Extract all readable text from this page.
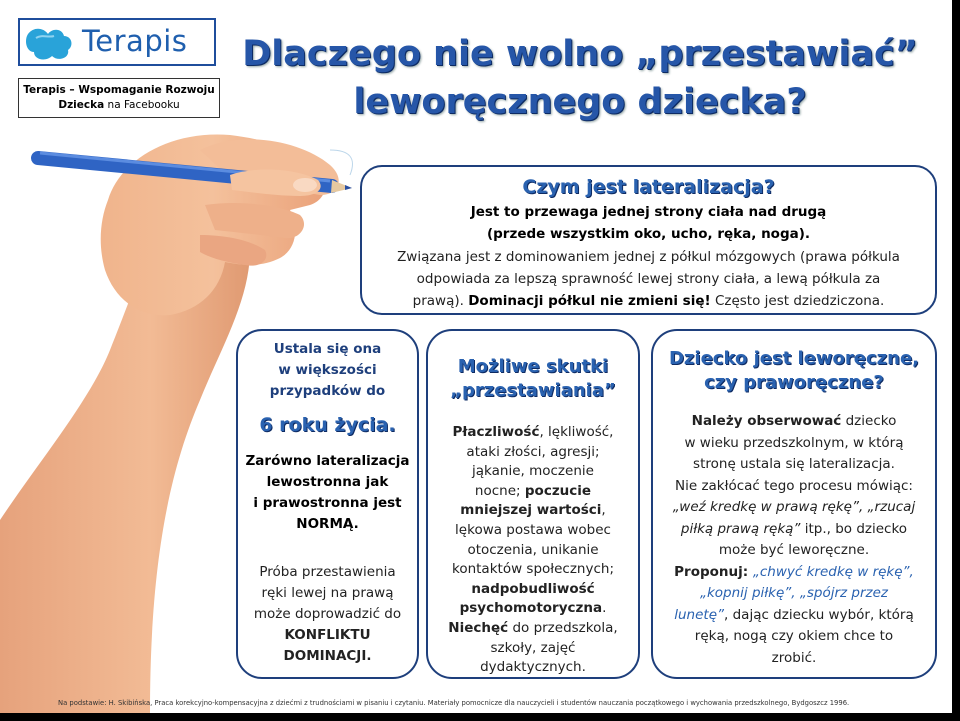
Terapis
Terapis – Wspomaganie Rozwoju
Dziecka na Facebooku
Dlaczego nie wolno „przestawiać”
leworęcznego dziecka?
Czym jest lateralizacja?
Jest to przewaga jednej strony ciała nad drugą
(przede wszystkim oko, ucho, ręka, noga).
Związana jest z dominowaniem jednej z półkul mózgowych (prawa półkula
odpowiada za lepszą sprawność lewej strony ciała, a lewą półkula za
prawą). Dominacji półkul nie zmieni się! Często jest dziedziczona.
Ustala się ona
w większości
przypadków do
6 roku życia.
Zarówno lateralizacja
lewostronna jak
i prawostronna jest
NORMĄ.
Próba przestawienia
ręki lewej na prawą
może doprowadzić do
KONFLIKTU
DOMINACJI.
Możliwe skutki
„przestawiania”
Płaczliwość, lękliwość,
ataki złości, agresji;
jąkanie, moczenie
nocne; poczucie
mniejszej wartości,
lękowa postawa wobec
otoczenia, unikanie
kontaktów społecznych;
nadpobudliwość
psychomotoryczna.
Niechęć do przedszkola,
szkoły, zajęć
dydaktycznych.
Dziecko jest leworęczne,
czy praworęczne?
Należy obserwować dziecko
w wieku przedszkolnym, w którą
stronę ustala się lateralizacja.
Nie zakłócać tego procesu mówiąc:
„weź kredkę w prawą rękę”, „rzucaj
piłką prawą ręką” itp., bo dziecko
może być leworęczne.
Proponuj: „chwyć kredkę w rękę”,
„kopnij piłkę”, „spójrz przez
lunetę”, dając dziecku wybór, którą
ręką, nogą czy okiem chce to
zrobić.
Na podstawie: H. Skibińska, Praca korekcyjno-kompensacyjna z dziećmi z trudnościami w pisaniu i czytaniu. Materiały pomocnicze dla nauczycieli i studentów nauczania początkowego i wychowania przedszkolnego, Bydgoszcz 1996.
